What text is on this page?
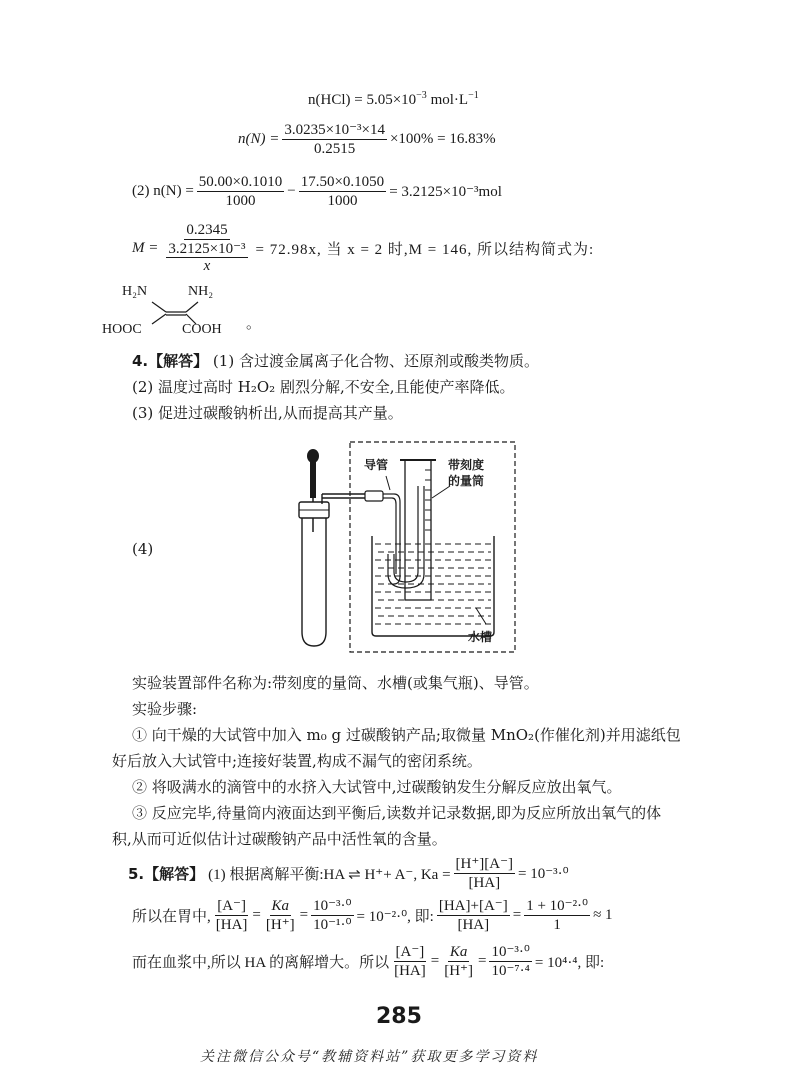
$n(HCl) = 5.05\times 10^{-3}$ $mol\cdot L^{-1}$
$n(N) = \frac{\text{3.0235×10⁻³×14}}{0.2515} \times 100\% = 16.83\%$
(2) $n(N) = \frac{50.00\times 0.1010}{1000} - \frac{17.50\times 0.1050}{1000} = 3.2125\times 10^{-3}mol$
M = 0.2345
3.2125×10⁻³
x = 72.98x, 当 x = 2 时,M = 146, 所以结构简式为:
H₂N	NH₂
HOOC	COOH 。
4.【解答】 (1) 含过渡金属离子化合物、还原剂或酸类物质。
(2) 温度过高时 H₂O₂ 剧烈分解,不安全,且能使产率降低。
(3) 促进过碳酸钠析出,从而提高其产量。
(4)
导管	带刻度
的量筒
水槽
实验装置部件名称为:带刻度的量筒、水槽(或集气瓶)、导管。
实验步骤:
① 向干燥的大试管中加入 m₀ g 过碳酸钠产品;取微量 MnO₂(作催化剂)并用滤纸包
好后放入大试管中;连接好装置,构成不漏气的密闭系统。
② 将吸满水的滴管中的水挤入大试管中,过碳酸钠发生分解反应放出氧气。
③ 反应完毕,待量筒内液面达到平衡后,读数并记录数据,即为反应所放出氧气的体
积,从而可近似估计过碳酸钠产品中活性氧的含量。
5.【解答】 (1) 根据离解平衡:HA ⇌ H⁺+ A⁻, $Ka = \frac{[H^+][A^-]}{[HA]} = 10^{-3}\cdot^0$
所以在胃中, $\frac{[A^-]}{[HA]} = \frac{Ka}{[H^+]} = \frac{\text{10⁻³·⁰}}{\text{10⁻¹·⁰}} = 10^{-2}\cdot^0$, 即: $\frac{[HA]+[A^-]}{[HA]} = \frac{\text{1 + 10⁻²·⁰}}{1} \approx 1$
而在血浆中,所以 HA 的离解增大。所以 $\frac{[A^-]}{[HA]} = \frac{Ka}{[H^+]} = \frac{\text{10⁻³·⁰}}{\text{10⁻⁷·⁴}} = 10^4\cdot^4$, 即:
285
关注微信公众号“教辅资料站”获取更多学习资料
